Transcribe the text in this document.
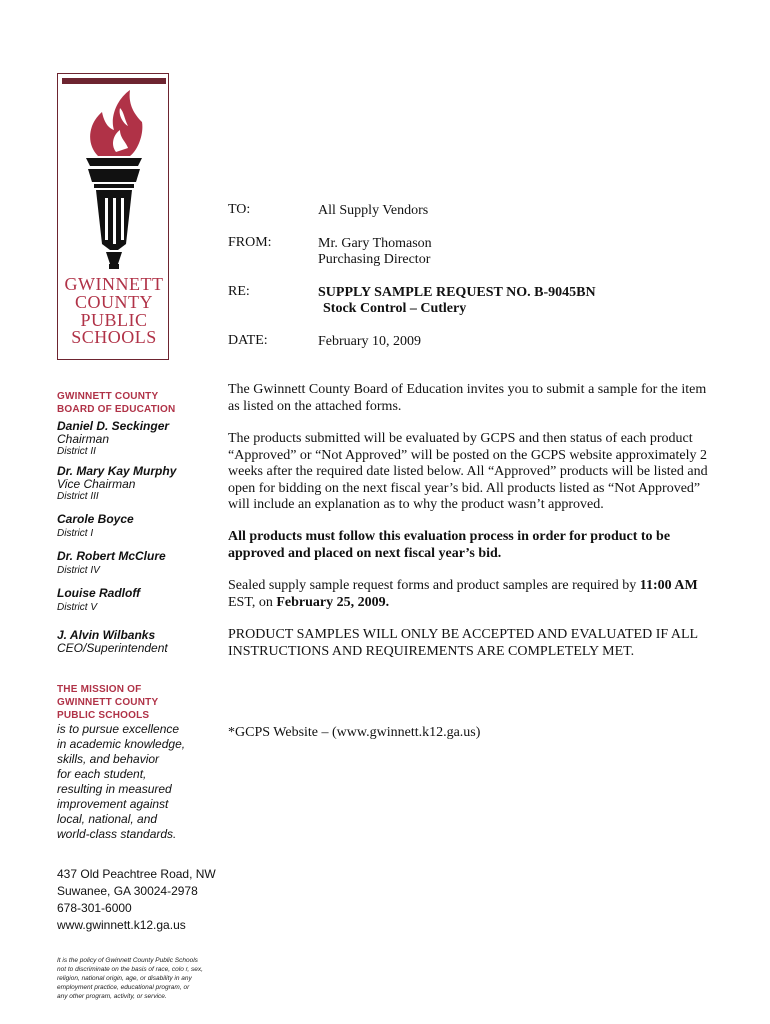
GWINNETT
COUNTY
PUBLIC
SCHOOLS
GWINNETT COUNTY
BOARD OF EDUCATION
Daniel D. Seckinger
Chairman
District II
Dr. Mary Kay Murphy
Vice Chairman
District III
Carole Boyce
District I
Dr. Robert McClure
District IV
Louise Radloff
District V
J. Alvin Wilbanks
CEO/Superintendent
THE MISSION OF
GWINNETT COUNTY
PUBLIC SCHOOLS
is to pursue excellence
in academic knowledge,
skills, and behavior
for each student,
resulting in measured
improvement against
local, national, and
world-class standards.
437 Old Peachtree Road, NW
Suwanee, GA 30024-2978
678-301-6000
www.gwinnett.k12.ga.us
It is the policy of Gwinnett County Public Schools
not to discriminate on the basis of race, colo r, sex,
religion, national origin, age, or disability in any
employment practice, educational program, or
any other program, activity, or service.
TO:	All Supply Vendors
FROM:	Mr. Gary Thomason
Purchasing Director
RE:	SUPPLY SAMPLE REQUEST NO. B-9045BN
Stock Control – Cutlery
DATE:	February 10, 2009
The Gwinnett County Board of Education invites you to submit a sample for the item as listed on the attached forms.
The products submitted will be evaluated by GCPS and then status of each product “Approved” or “Not Approved” will be posted on the GCPS website approximately 2 weeks after the required date listed below. All “Approved” products will be listed and open for bidding on the next fiscal year’s bid. All products listed as “Not Approved” will include an explanation as to why the product wasn’t approved.
All products must follow this evaluation process in order for product to be approved and placed on next fiscal year’s bid.
Sealed supply sample request forms and product samples are required by 11:00 AM EST, on February 25, 2009.
PRODUCT SAMPLES WILL ONLY BE ACCEPTED AND EVALUATED IF ALL INSTRUCTIONS AND REQUIREMENTS ARE COMPLETELY MET.
*GCPS Website – (www.gwinnett.k12.ga.us)
